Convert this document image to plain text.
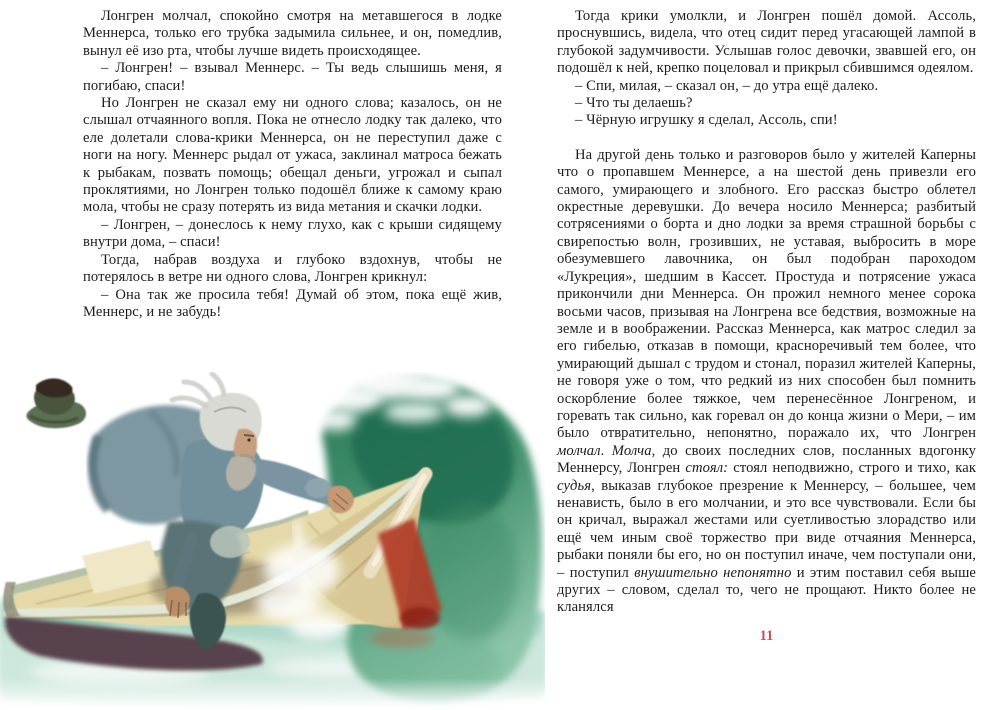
Лонгрен молчал, спокойно смотря на метавшегося в лодке Меннерса, только его трубка задымила сильнее, и он, помедлив, вынул её изо рта, чтобы лучше видеть происходящее.

– Лонгрен! – взывал Меннерс. – Ты ведь слышишь меня, я погибаю, спаси!

Но Лонгрен не сказал ему ни одного слова; казалось, он не слышал отчаянного вопля. Пока не отнесло лодку так далеко, что еле долетали слова-крики Меннерса, он не переступил даже с ноги на ногу. Меннерс рыдал от ужаса, заклинал матроса бежать к рыбакам, позвать помощь; обещал деньги, угрожал и сыпал проклятиями, но Лонгрен только подошёл ближе к самому краю мола, чтобы не сразу потерять из вида метания и скачки лодки.

– Лонгрен, – донеслось к нему глухо, как с крыши сидящему внутри дома, – спаси!

Тогда, набрав воздуха и глубоко вздохнув, чтобы не потерялось в ветре ни одного слова, Лонгрен крикнул:

– Она так же просила тебя! Думай об этом, пока ещё жив, Меннерс, и не забудь!

Тогда крики умолкли, и Лонгрен пошёл домой. Ассоль, проснувшись, видела, что отец сидит перед угасающей лампой в глубокой задумчивости. Услышав голос девочки, звавшей его, он подошёл к ней, крепко поцеловал и прикрыл сбившимся одеялом.

– Спи, милая, – сказал он, – до утра ещё далеко.

– Что ты делаешь?

– Чёрную игрушку я сделал, Ассоль, спи!

На другой день только и разговоров было у жителей Каперны что о пропавшем Меннерсе, а на шестой день привезли его самого, умирающего и злобного. Его рассказ быстро облетел окрестные деревушки. До вечера носило Меннерса; разбитый сотрясениями о борта и дно лодки за время страшной борьбы с свирепостью волн, грозивших, не уставая, выбросить в море обезумевшего лавочника, он был подобран пароходом «Лукреция», шедшим в Кассет. Простуда и потрясение ужаса прикончили дни Меннерса. Он прожил немного менее сорока восьми часов, призывая на Лонгрена все бедствия, возможные на земле и в воображении. Рассказ Меннерса, как матрос следил за его гибелью, отказав в помощи, красноречивый тем более, что умирающий дышал с трудом и стонал, поразил жителей Каперны, не говоря уже о том, что редкий из них способен был помнить оскорбление более тяжкое, чем перенесённое Лонгреном, и горевать так сильно, как горевал он до конца жизни о Мери, – им было отвратительно, непонятно, поражало их, что Лонгрен молчал. Молча, до своих последних слов, посланных вдогонку Меннерсу, Лонгрен стоял: стоял неподвижно, строго и тихо, как судья, выказав глубокое презрение к Меннерсу, – большее, чем ненависть, было в его молчании, и это все чувствовали. Если бы он кричал, выражал жестами или суетливостью злорадство или ещё чем иным своё торжество при виде отчаяния Меннерса, рыбаки поняли бы его, но он поступил иначе, чем поступали они, – поступил внушительно непонятно и этим поставил себя выше других – словом, сделал то, чего не прощают. Никто более не кланялся

11
